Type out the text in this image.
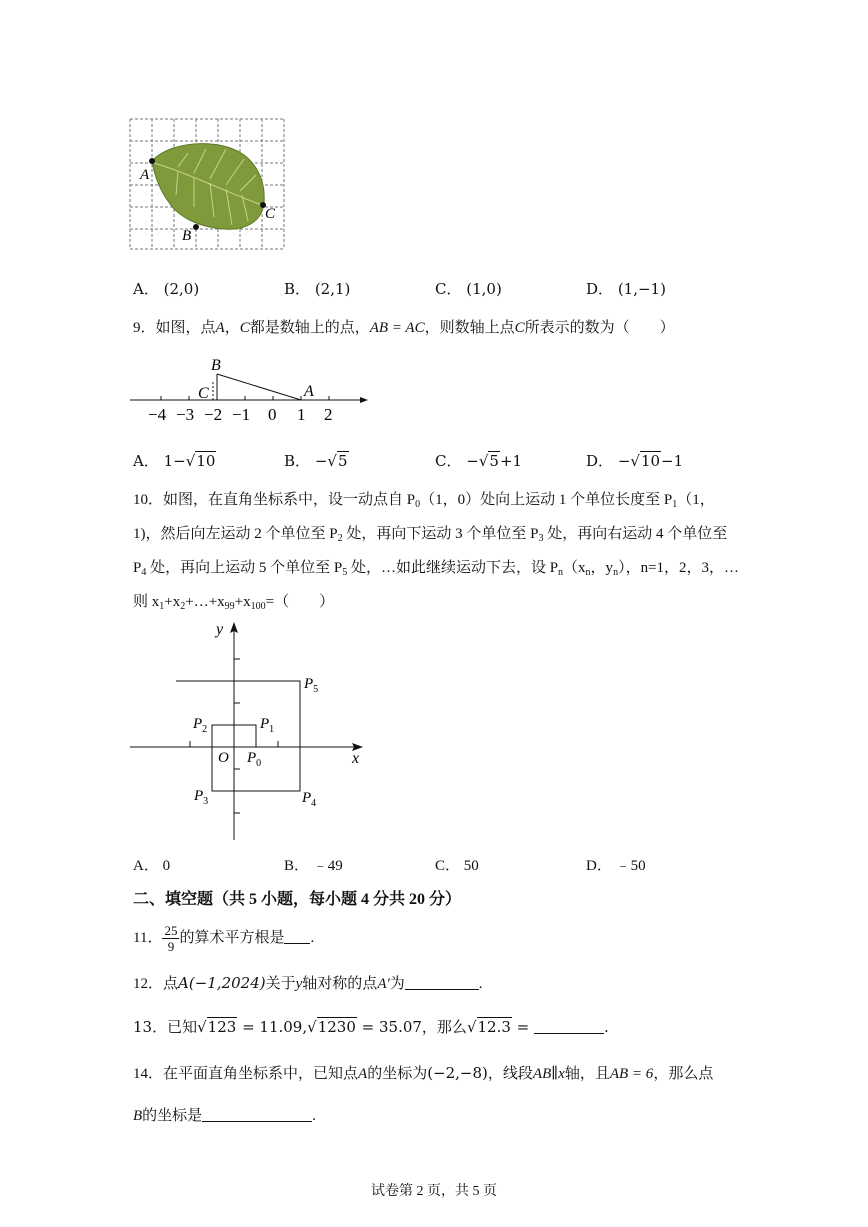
A
B
C
A． (2,0)	B． (2,1)	C． (1,0)	D． (1,−1)
9．如图，点A，C都是数轴上的点，AB = AC，则数轴上点C所表示的数为（　　）
B
C	A
−4 −3 −2 −1 0 1 2
A． 1−√10	B． −√5	C． −√5+1	D． −√10−1
10．如图，在直角坐标系中，设一动点自 $P_0(1$，0）处向上运动 1 个单位长度至 $P_1(1$，
1)，然后向左运动 2 个单位至 $P_2$ 处，再向下运动 3 个单位至 $P_3$ 处，再向右运动 4 个单位至
$P_4$ 处，再向上运动 5 个单位至 $P_5$ 处，…如此继续运动下去，设 $P_n(x_n$，$y_n$），n=1，2，3，…
则 $x_1+x_2+\dots+x_{99}+x_{100}=$（　　）
y
x
O $P_0$
$P_1$
$P_2$
$P_3$	$P_4$
$P_5$
A． 0	B． ﹣49	C． 50	D． ﹣50
二、填空题（共 5 小题，每小题 4 分共 20 分）
11． $\frac{25}{9}$ 的算术平方根是 .
12．点A(−1,2024)关于y轴对称的点A′为	.
13．已知√123 = 11.09,√1230 = 35.07，那么√12.3 =	.
14．在平面直角坐标系中，已知点A的坐标为(−2,−8)，线段AB∥x轴，且AB = 6，那么点
B的坐标是	.
试卷第 2 页，共 5 页
